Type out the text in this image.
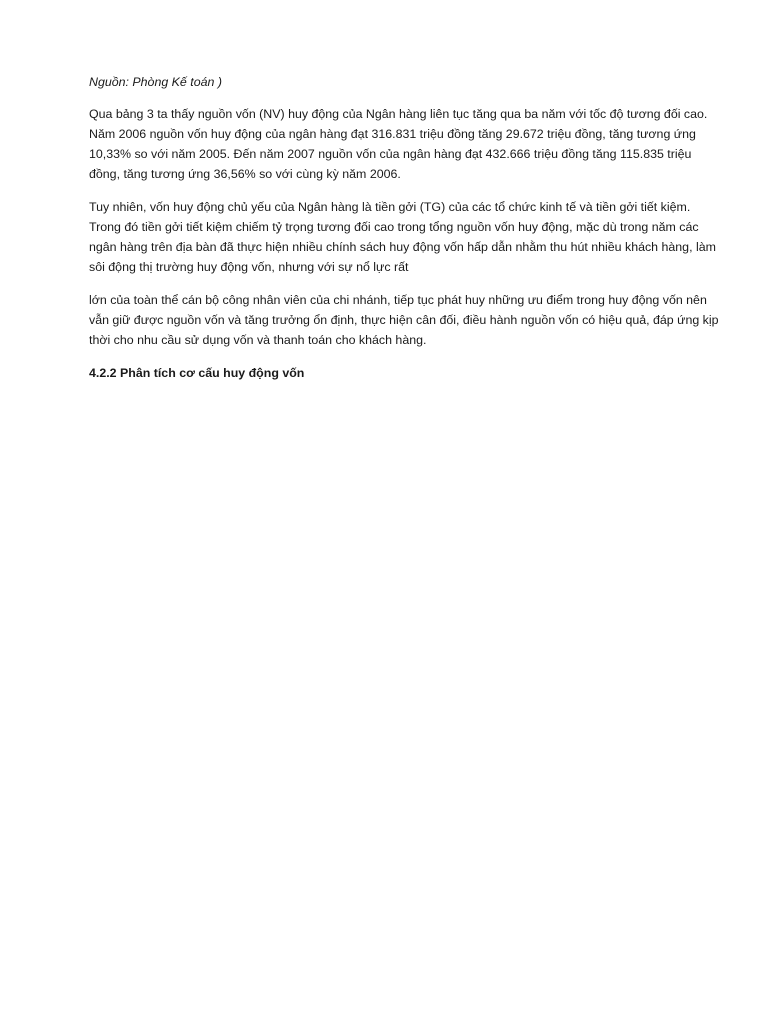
Nguồn: Phòng Kế toán )

Qua bảng 3 ta thấy nguồn vốn (NV) huy động của Ngân hàng liên tục tăng qua ba năm với tốc độ tương đối cao. Năm 2006 nguồn vốn huy động của ngân hàng đạt 316.831 triệu đồng tăng 29.672 triệu đồng, tăng tương ứng 10,33% so với năm 2005. Đến năm 2007 nguồn vốn của ngân hàng đạt 432.666 triệu đồng tăng 115.835 triệu đồng, tăng tương ứng 36,56% so với cùng kỳ năm 2006.

Tuy nhiên, vốn huy động chủ yếu của Ngân hàng là tiền gởi (TG) của các tổ chức kinh tế và tiền gởi tiết kiệm. Trong đó tiền gởi tiết kiệm chiếm tỷ trọng tương đối cao trong tổng nguồn vốn huy động, mặc dù trong năm các ngân hàng trên địa bàn đã thực hiện nhiều chính sách huy động vốn hấp dẫn nhằm thu hút nhiều khách hàng, làm sôi động thị trường huy động vốn, nhưng với sự nổ lực rất

lớn của toàn thể cán bộ công nhân viên của chi nhánh, tiếp tục phát huy những ưu điểm trong huy động vốn nên vẫn giữ được nguồn vốn và tăng trưởng ổn định, thực hiện cân đối, điều hành nguồn vốn có hiệu quả, đáp ứng kịp thời cho nhu cầu sử dụng vốn và thanh toán cho khách hàng.

4.2.2 Phân tích cơ cấu huy động vốn
